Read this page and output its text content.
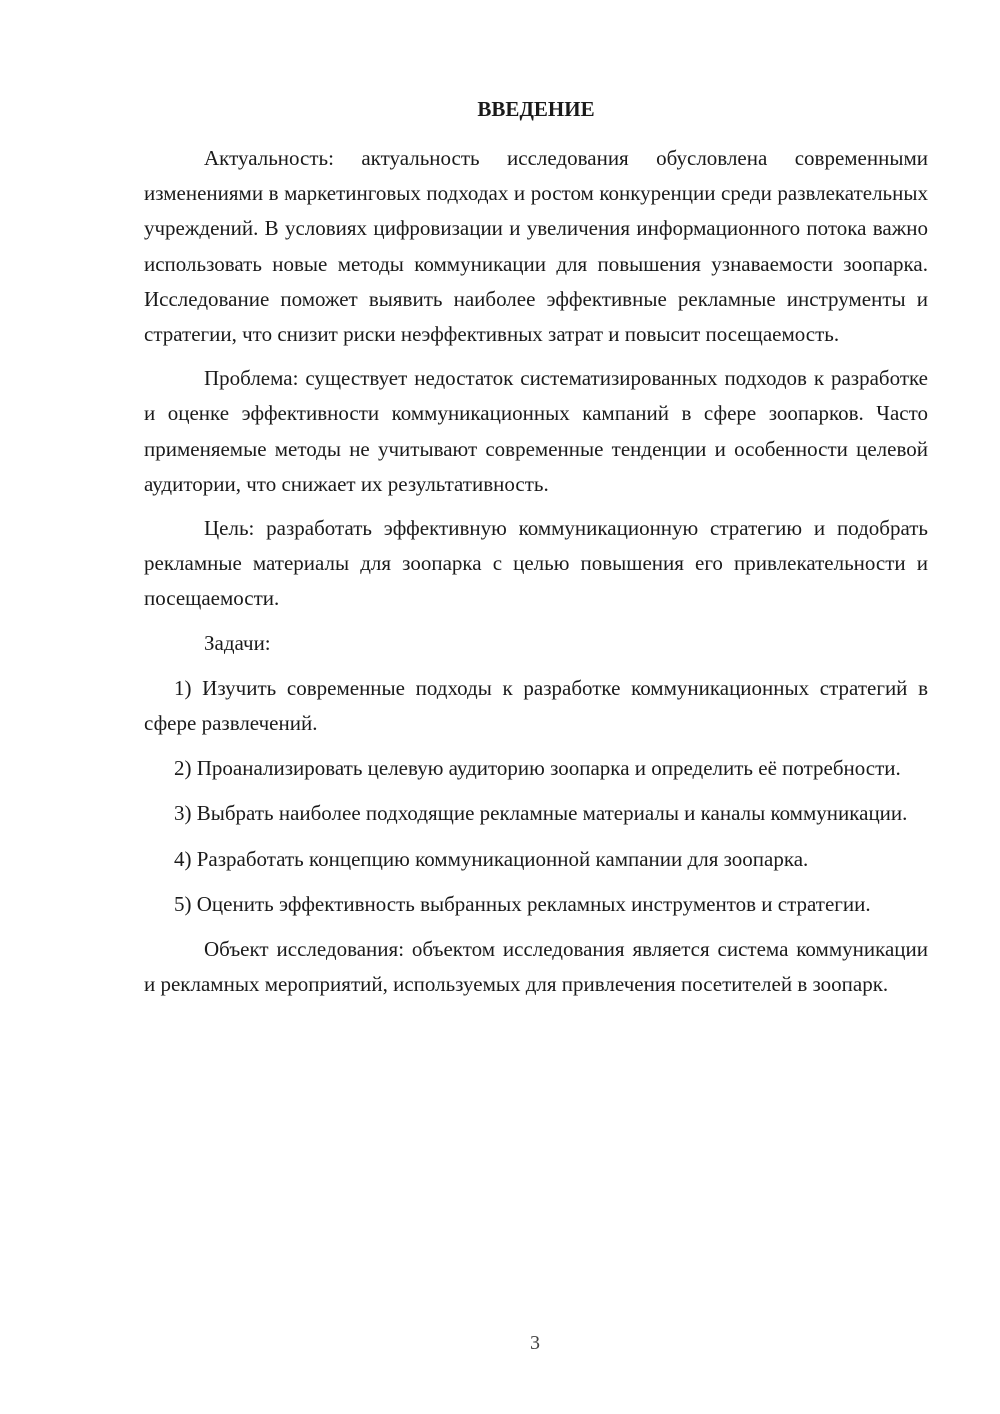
ВВЕДЕНИЕ

Актуальность: актуальность исследования обусловлена современными изменениями в маркетинговых подходах и ростом конкуренции среди развлекательных учреждений. В условиях цифровизации и увеличения информационного потока важно использовать новые методы коммуникации для повышения узнаваемости зоопарка. Исследование поможет выявить наиболее эффективные рекламные инструменты и стратегии, что снизит риски неэффективных затрат и повысит посещаемость.

Проблема: существует недостаток систематизированных подходов к разработке и оценке эффективности коммуникационных кампаний в сфере зоопарков. Часто применяемые методы не учитывают современные тенденции и особенности целевой аудитории, что снижает их результативность.

Цель: разработать эффективную коммуникационную стратегию и подобрать рекламные материалы для зоопарка с целью повышения его привлекательности и посещаемости.

Задачи:

1) Изучить современные подходы к разработке коммуникационных стратегий в сфере развлечений.

2) Проанализировать целевую аудиторию зоопарка и определить её потребности.

3) Выбрать наиболее подходящие рекламные материалы и каналы коммуникации.

4) Разработать концепцию коммуникационной кампании для зоопарка.

5) Оценить эффективность выбранных рекламных инструментов и стратегии.

Объект исследования: объектом исследования является система коммуникации и рекламных мероприятий, используемых для привлечения посетителей в зоопарк.

3
